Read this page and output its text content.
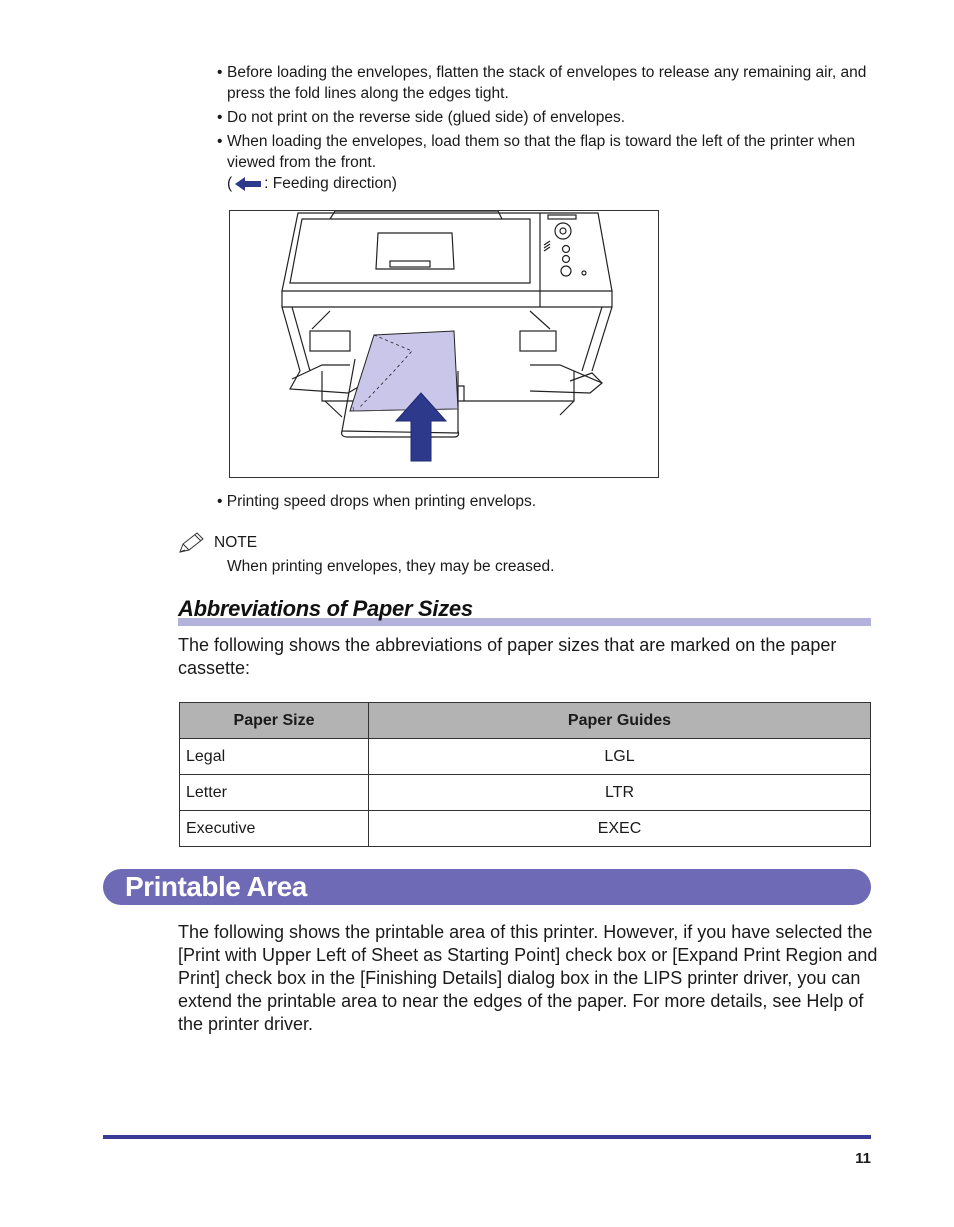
• Before loading the envelopes, flatten the stack of envelopes to release any remaining air, and press the fold lines along the edges tight.
• Do not print on the reverse side (glued side) of envelopes.
• When loading the envelopes, load them so that the flap is toward the left of the printer when viewed from the front.
( : Feeding direction)
• Printing speed drops when printing envelops.
NOTE
When printing envelopes, they may be creased.
Abbreviations of Paper Sizes
The following shows the abbreviations of paper sizes that are marked on the paper cassette:
Paper Size	Paper Guides
Legal	LGL
Letter	LTR
Executive	EXEC
Printable Area
The following shows the printable area of this printer. However, if you have selected the [Print with Upper Left of Sheet as Starting Point] check box or [Expand Print Region and Print] check box in the [Finishing Details] dialog box in the LIPS printer driver, you can extend the printable area to near the edges of the paper. For more details, see Help of the printer driver.
11
